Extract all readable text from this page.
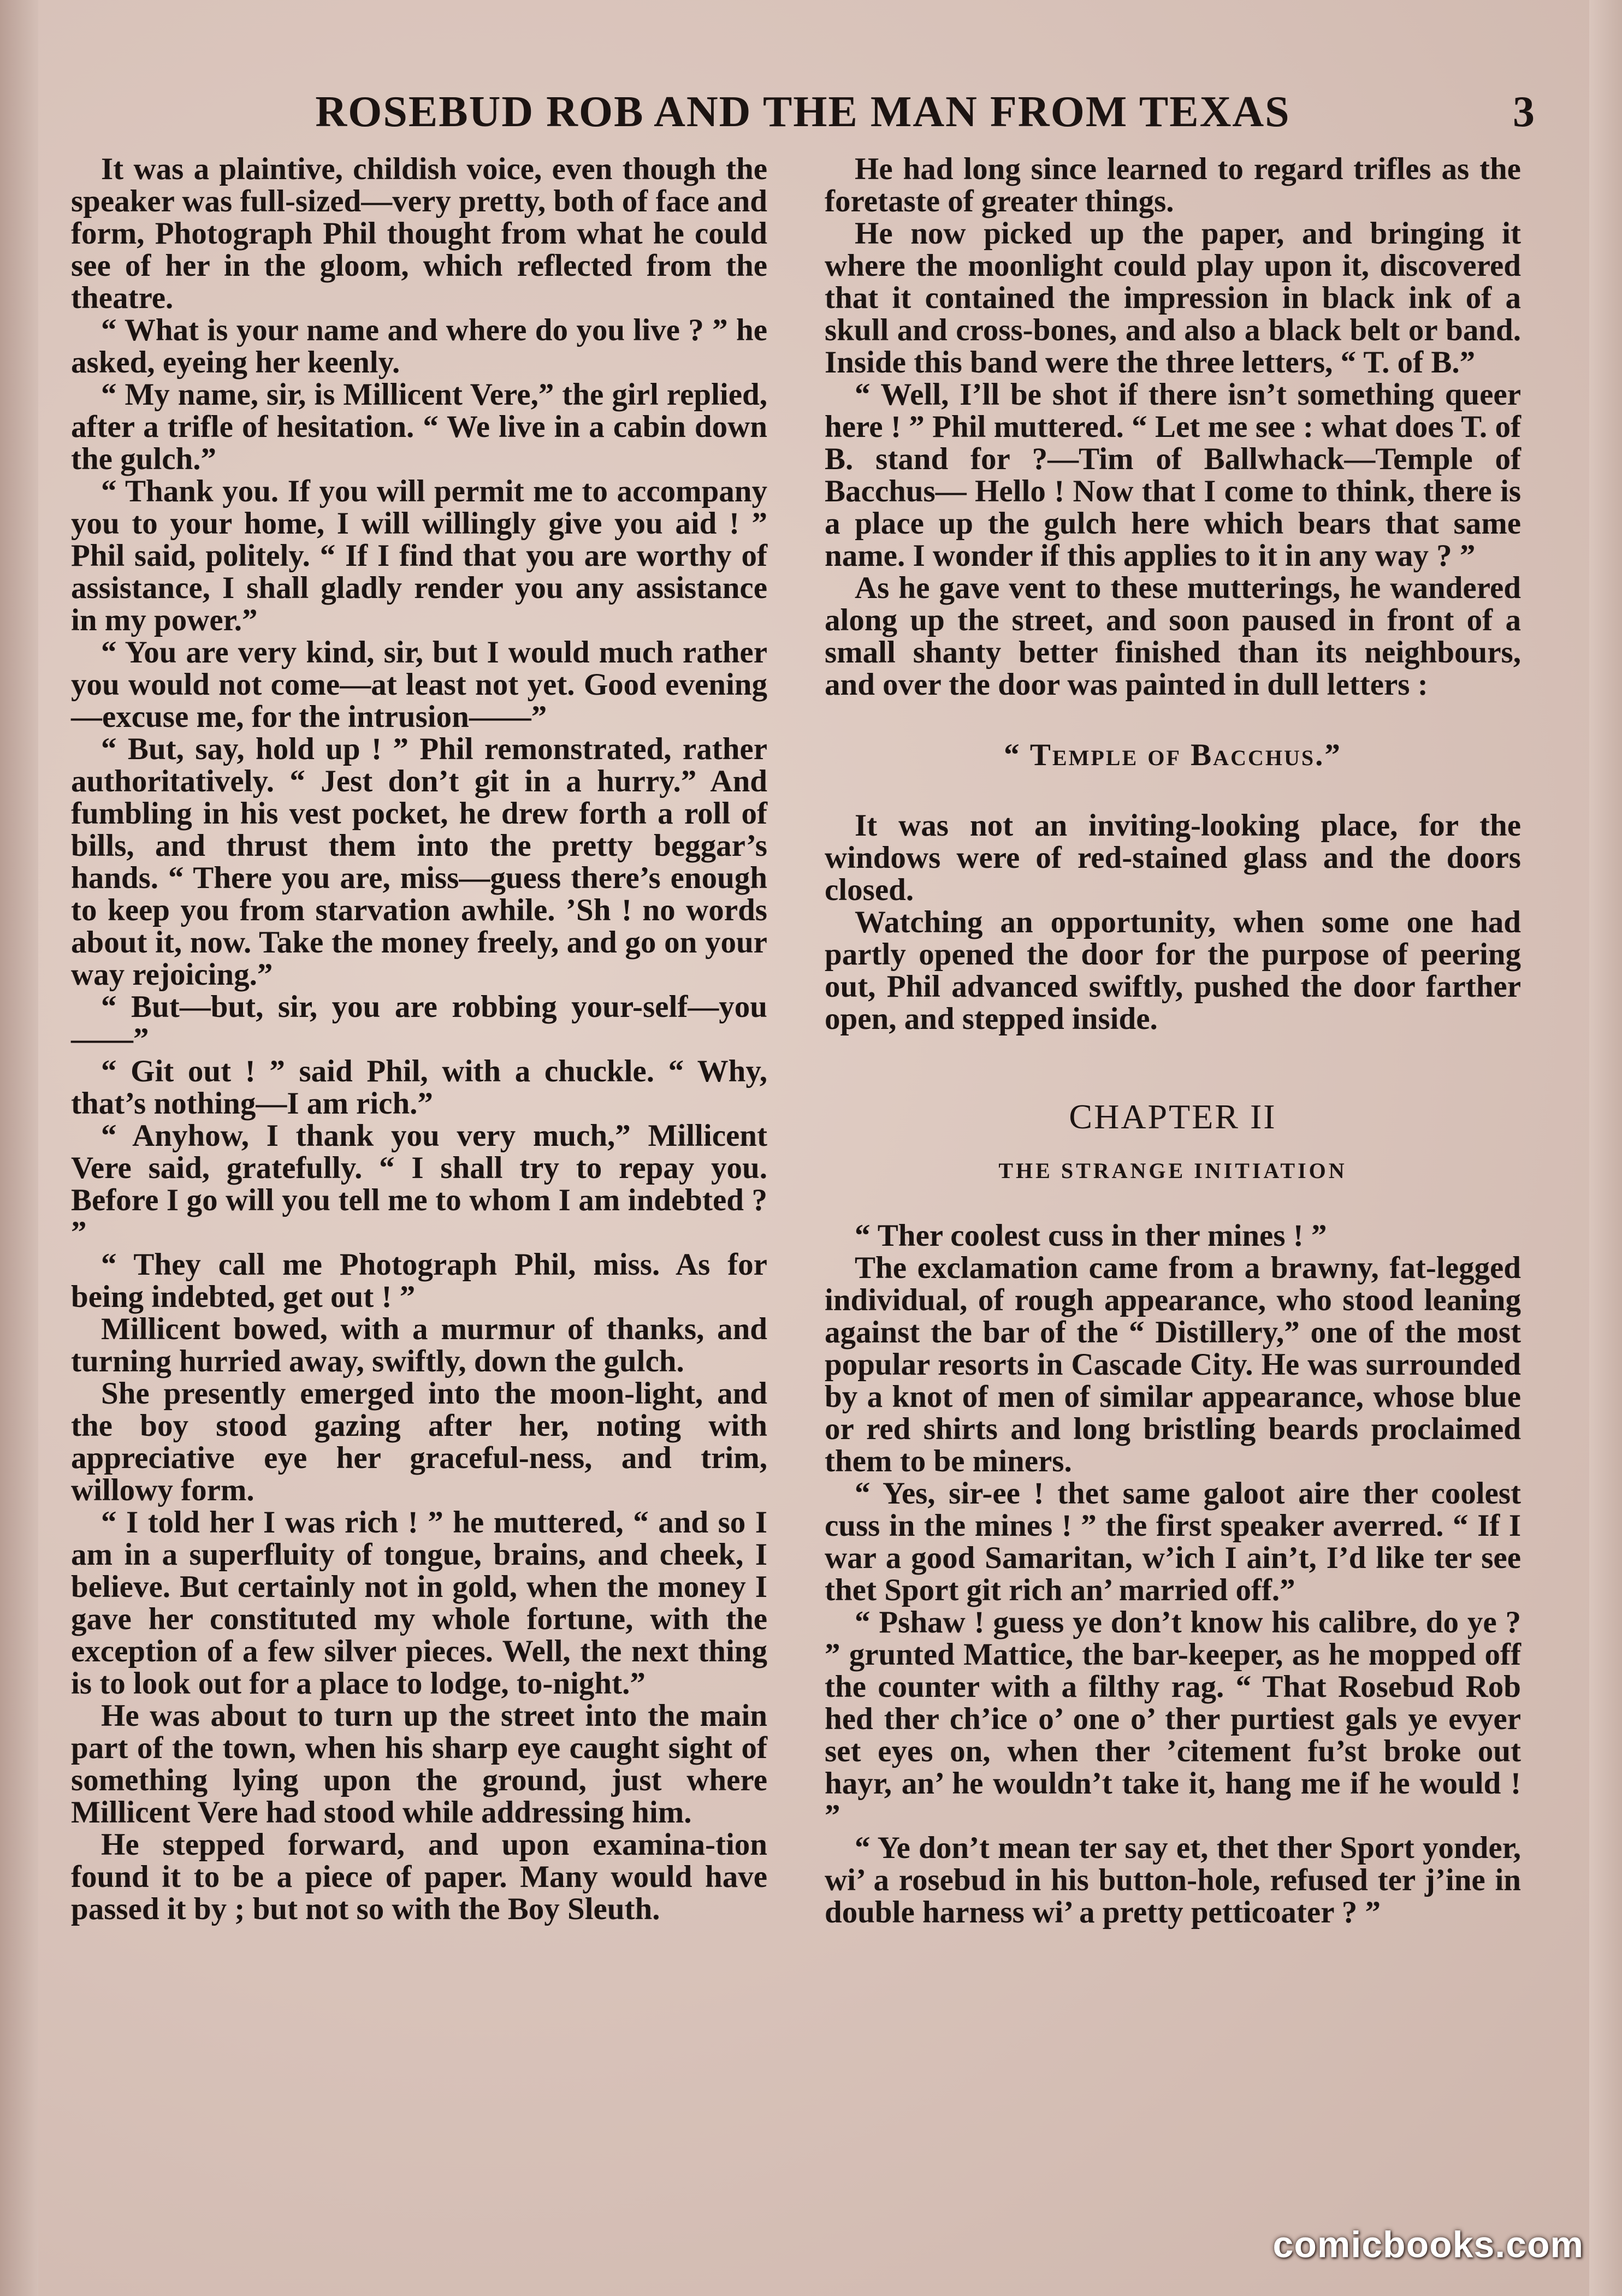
ROSEBUD ROB AND THE MAN FROM TEXAS	3

It was a plaintive, childish voice, even though the speaker was full-sized—very pretty, both of face and form, Photograph Phil thought from what he could see of her in the gloom, which reflected from the theatre.

“ What is your name and where do you live ? ” he asked, eyeing her keenly.

“ My name, sir, is Millicent Vere,” the girl replied, after a trifle of hesitation. “ We live in a cabin down the gulch.”

“ Thank you. If you will permit me to accompany you to your home, I will willingly give you aid ! ” Phil said, politely. “ If I find that you are worthy of assistance, I shall gladly render you any assistance in my power.”

“ You are very kind, sir, but I would much rather you would not come—at least not yet. Good evening—excuse me, for the intrusion——”

“ But, say, hold up ! ” Phil remonstrated, rather authoritatively. “ Jest don’t git in a hurry.” And fumbling in his vest pocket, he drew forth a roll of bills, and thrust them into the pretty beggar’s hands. “ There you are, miss—guess there’s enough to keep you from starvation awhile. ’Sh ! no words about it, now. Take the money freely, and go on your way rejoicing.”

“ But—but, sir, you are robbing your-self—you——”

“ Git out ! ” said Phil, with a chuckle. “ Why, that’s nothing—I am rich.”

“ Anyhow, I thank you very much,” Millicent Vere said, gratefully. “ I shall try to repay you. Before I go will you tell me to whom I am indebted ? ”

“ They call me Photograph Phil, miss. As for being indebted, get out ! ”

Millicent bowed, with a murmur of thanks, and turning hurried away, swiftly, down the gulch.

She presently emerged into the moon-light, and the boy stood gazing after her, noting with appreciative eye her graceful-ness, and trim, willowy form.

“ I told her I was rich ! ” he muttered, “ and so I am in a superfluity of tongue, brains, and cheek, I believe. But certainly not in gold, when the money I gave her constituted my whole fortune, with the exception of a few silver pieces. Well, the next thing is to look out for a place to lodge, to-night.”

He was about to turn up the street into the main part of the town, when his sharp eye caught sight of something lying upon the ground, just where Millicent Vere had stood while addressing him.

He stepped forward, and upon examina-tion found it to be a piece of paper. Many would have passed it by ; but not so with the Boy Sleuth.

He had long since learned to regard trifles as the foretaste of greater things.

He now picked up the paper, and bringing it where the moonlight could play upon it, discovered that it contained the impression in black ink of a skull and cross-bones, and also a black belt or band. Inside this band were the three letters, “ T. of B.”

“ Well, I’ll be shot if there isn’t something queer here ! ” Phil muttered. “ Let me see : what does T. of B. stand for ?—Tim of Ballwhack—Temple of Bacchus— Hello ! Now that I come to think, there is a place up the gulch here which bears that same name. I wonder if this applies to it in any way ? ”

As he gave vent to these mutterings, he wandered along up the street, and soon paused in front of a small shanty better finished than its neighbours, and over the door was painted in dull letters :

“ Temple of Bacchus.”

It was not an inviting-looking place, for the windows were of red-stained glass and the doors closed.

Watching an opportunity, when some one had partly opened the door for the purpose of peering out, Phil advanced swiftly, pushed the door farther open, and stepped inside.

CHAPTER II

THE STRANGE INITIATION

“ Ther coolest cuss in ther mines ! ”

The exclamation came from a brawny, fat-legged individual, of rough appearance, who stood leaning against the bar of the “ Distillery,” one of the most popular resorts in Cascade City. He was surrounded by a knot of men of similar appearance, whose blue or red shirts and long bristling beards proclaimed them to be miners.

“ Yes, sir-ee ! thet same galoot aire ther coolest cuss in the mines ! ” the first speaker averred. “ If I war a good Samaritan, w’ich I ain’t, I’d like ter see thet Sport git rich an’ married off.”

“ Pshaw ! guess ye don’t know his calibre, do ye ? ” grunted Mattice, the bar-keeper, as he mopped off the counter with a filthy rag. “ That Rosebud Rob hed ther ch’ice o’ one o’ ther purtiest gals ye evyer set eyes on, when ther ’citement fu’st broke out hayr, an’ he wouldn’t take it, hang me if he would ! ”

“ Ye don’t mean ter say et, thet ther Sport yonder, wi’ a rosebud in his button-hole, refused ter j’ine in double harness wi’ a pretty petticoater ? ”

comicbooks.com
